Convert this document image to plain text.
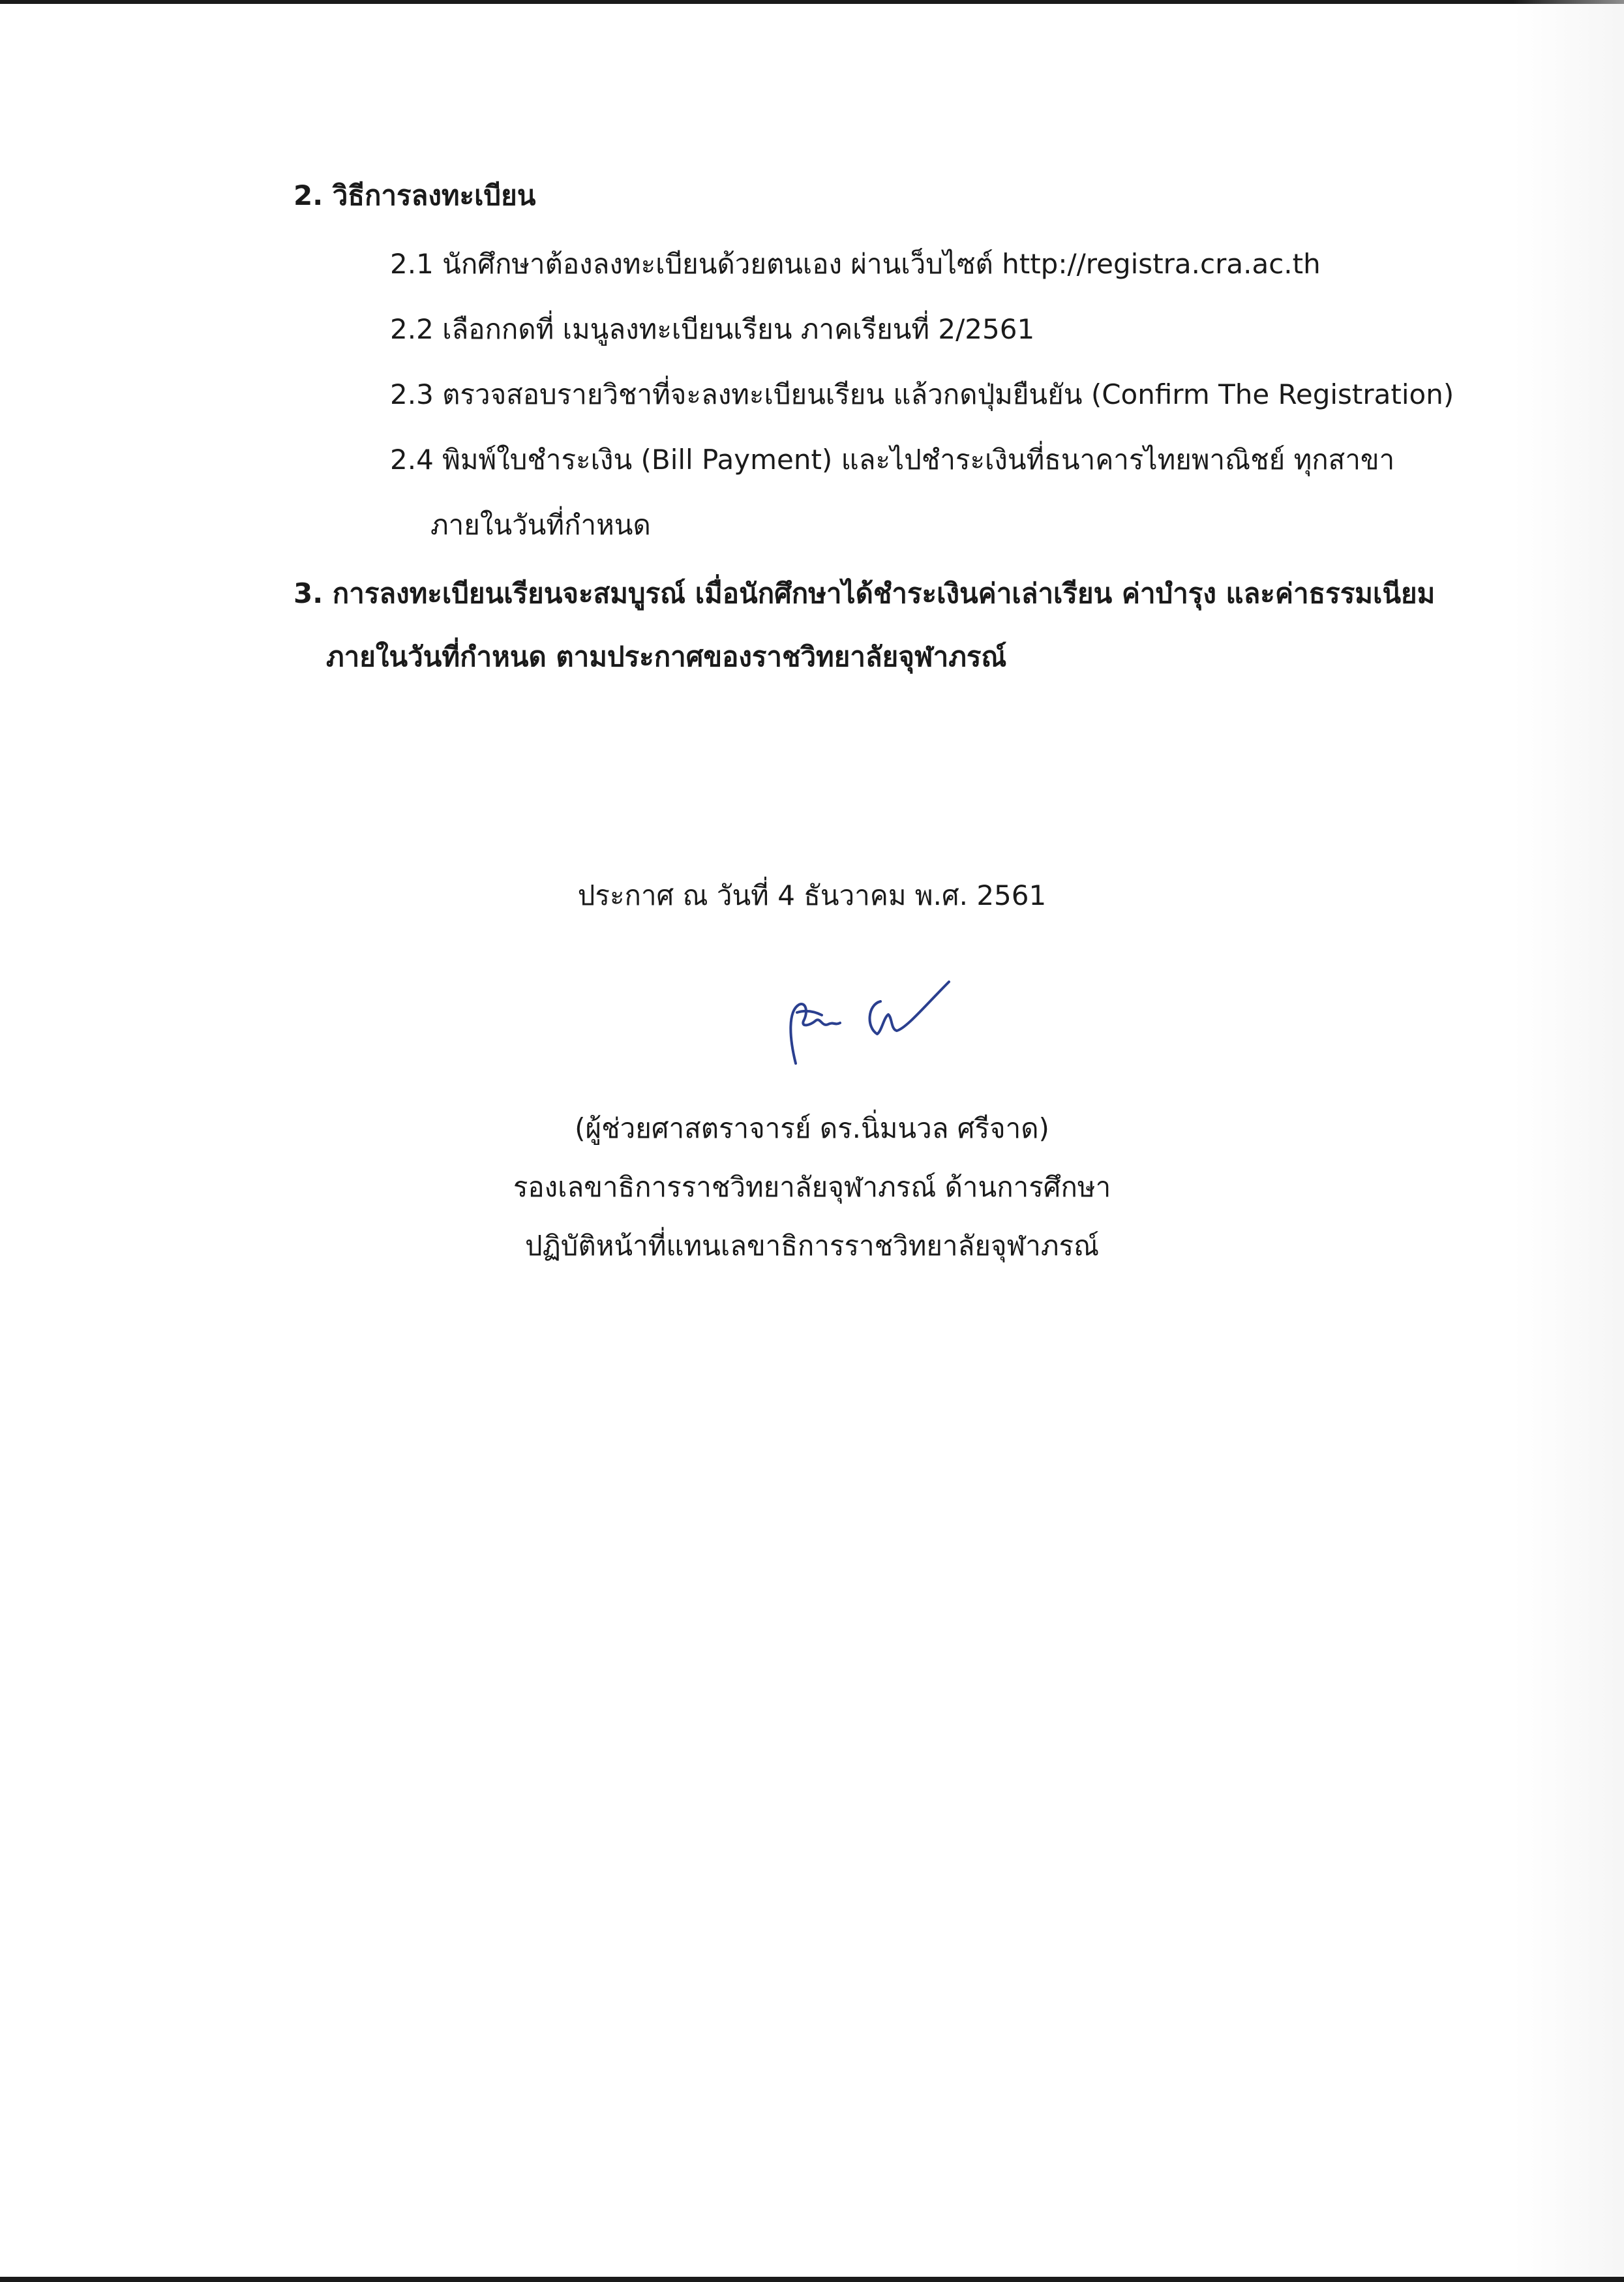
2. วิธีการลงทะเบียน
2.1 นักศึกษาต้องลงทะเบียนด้วยตนเอง ผ่านเว็บไซต์ http://registra.cra.ac.th
2.2 เลือกกดที่ เมนูลงทะเบียนเรียน ภาคเรียนที่ 2/2561
2.3 ตรวจสอบรายวิชาที่จะลงทะเบียนเรียน แล้วกดปุ่มยืนยัน (Confirm The Registration)
2.4 พิมพ์ใบชำระเงิน (Bill Payment) และไปชำระเงินที่ธนาคารไทยพาณิชย์ ทุกสาขา
ภายในวันที่กำหนด
3. การลงทะเบียนเรียนจะสมบูรณ์ เมื่อนักศึกษาได้ชำระเงินค่าเล่าเรียน ค่าบำรุง และค่าธรรมเนียม
ภายในวันที่กำหนด ตามประกาศของราชวิทยาลัยจุฬาภรณ์
ประกาศ ณ วันที่ 4 ธันวาคม พ.ศ. 2561
(ผู้ช่วยศาสตราจารย์ ดร.นิ่มนวล ศรีจาด)
รองเลขาธิการราชวิทยาลัยจุฬาภรณ์ ด้านการศึกษา
ปฏิบัติหน้าที่แทนเลขาธิการราชวิทยาลัยจุฬาภรณ์
